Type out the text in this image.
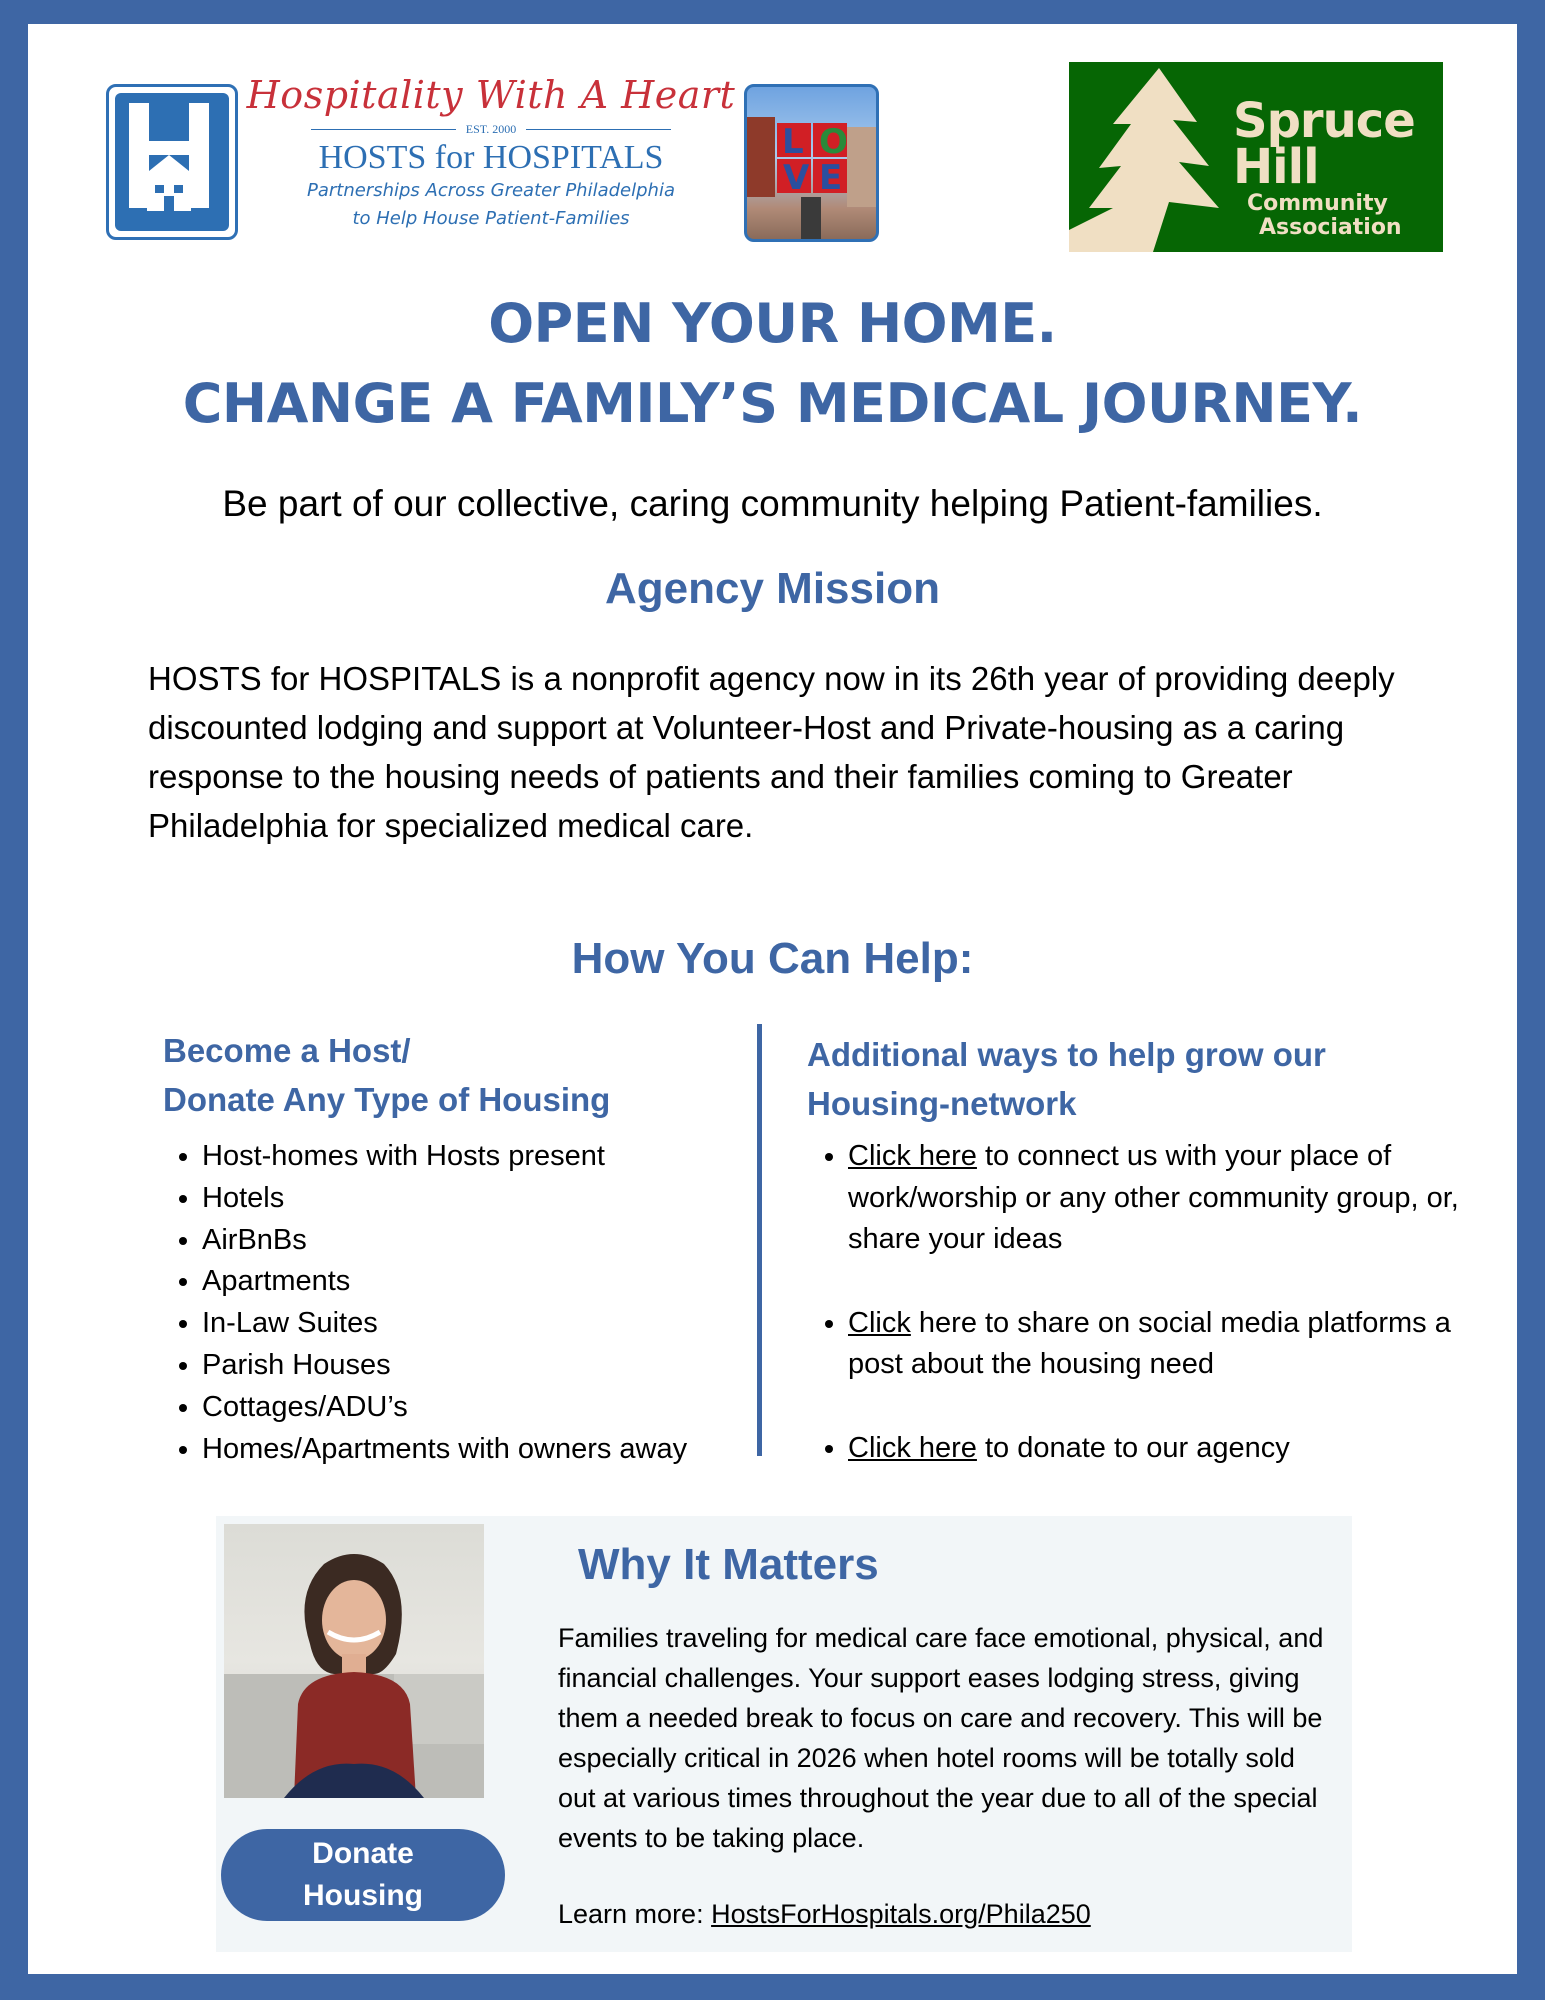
Hospitality With A Heart
EST. 2000
HOSTS for HOSPITALS
Partnerships Across Greater Philadelphia
to Help House Patient-Families
L O
V E
Spruce
Hill
Community
Association
OPEN YOUR HOME.
CHANGE A FAMILY’S MEDICAL JOURNEY.
Be part of our collective, caring community helping Patient-families.
Agency Mission
HOSTS for HOSPITALS is a nonprofit agency now in its 26th year of providing deeply discounted lodging and support at Volunteer-Host and Private-housing as a caring response to the housing needs of patients and their families coming to Greater Philadelphia for specialized medical care.
How You Can Help:
Become a Host/
Donate Any Type of Housing
• Host-homes with Hosts present
• Hotels
• AirBnBs
• Apartments
• In-Law Suites
• Parish Houses
• Cottages/ADU’s
• Homes/Apartments with owners away
Additional ways to help grow our
Housing-network
• Click here to connect us with your place of work/worship or any other community group, or, share your ideas
• Click here to share on social media platforms a post about the housing need
• Click here to donate to our agency
Donate
Housing
Why It Matters
Families traveling for medical care face emotional, physical, and financial challenges. Your support eases lodging stress, giving them a needed break to focus on care and recovery. This will be especially critical in 2026 when hotel rooms will be totally sold out at various times throughout the year due to all of the special events to be taking place.
Learn more: HostsForHospitals.org/Phila250
